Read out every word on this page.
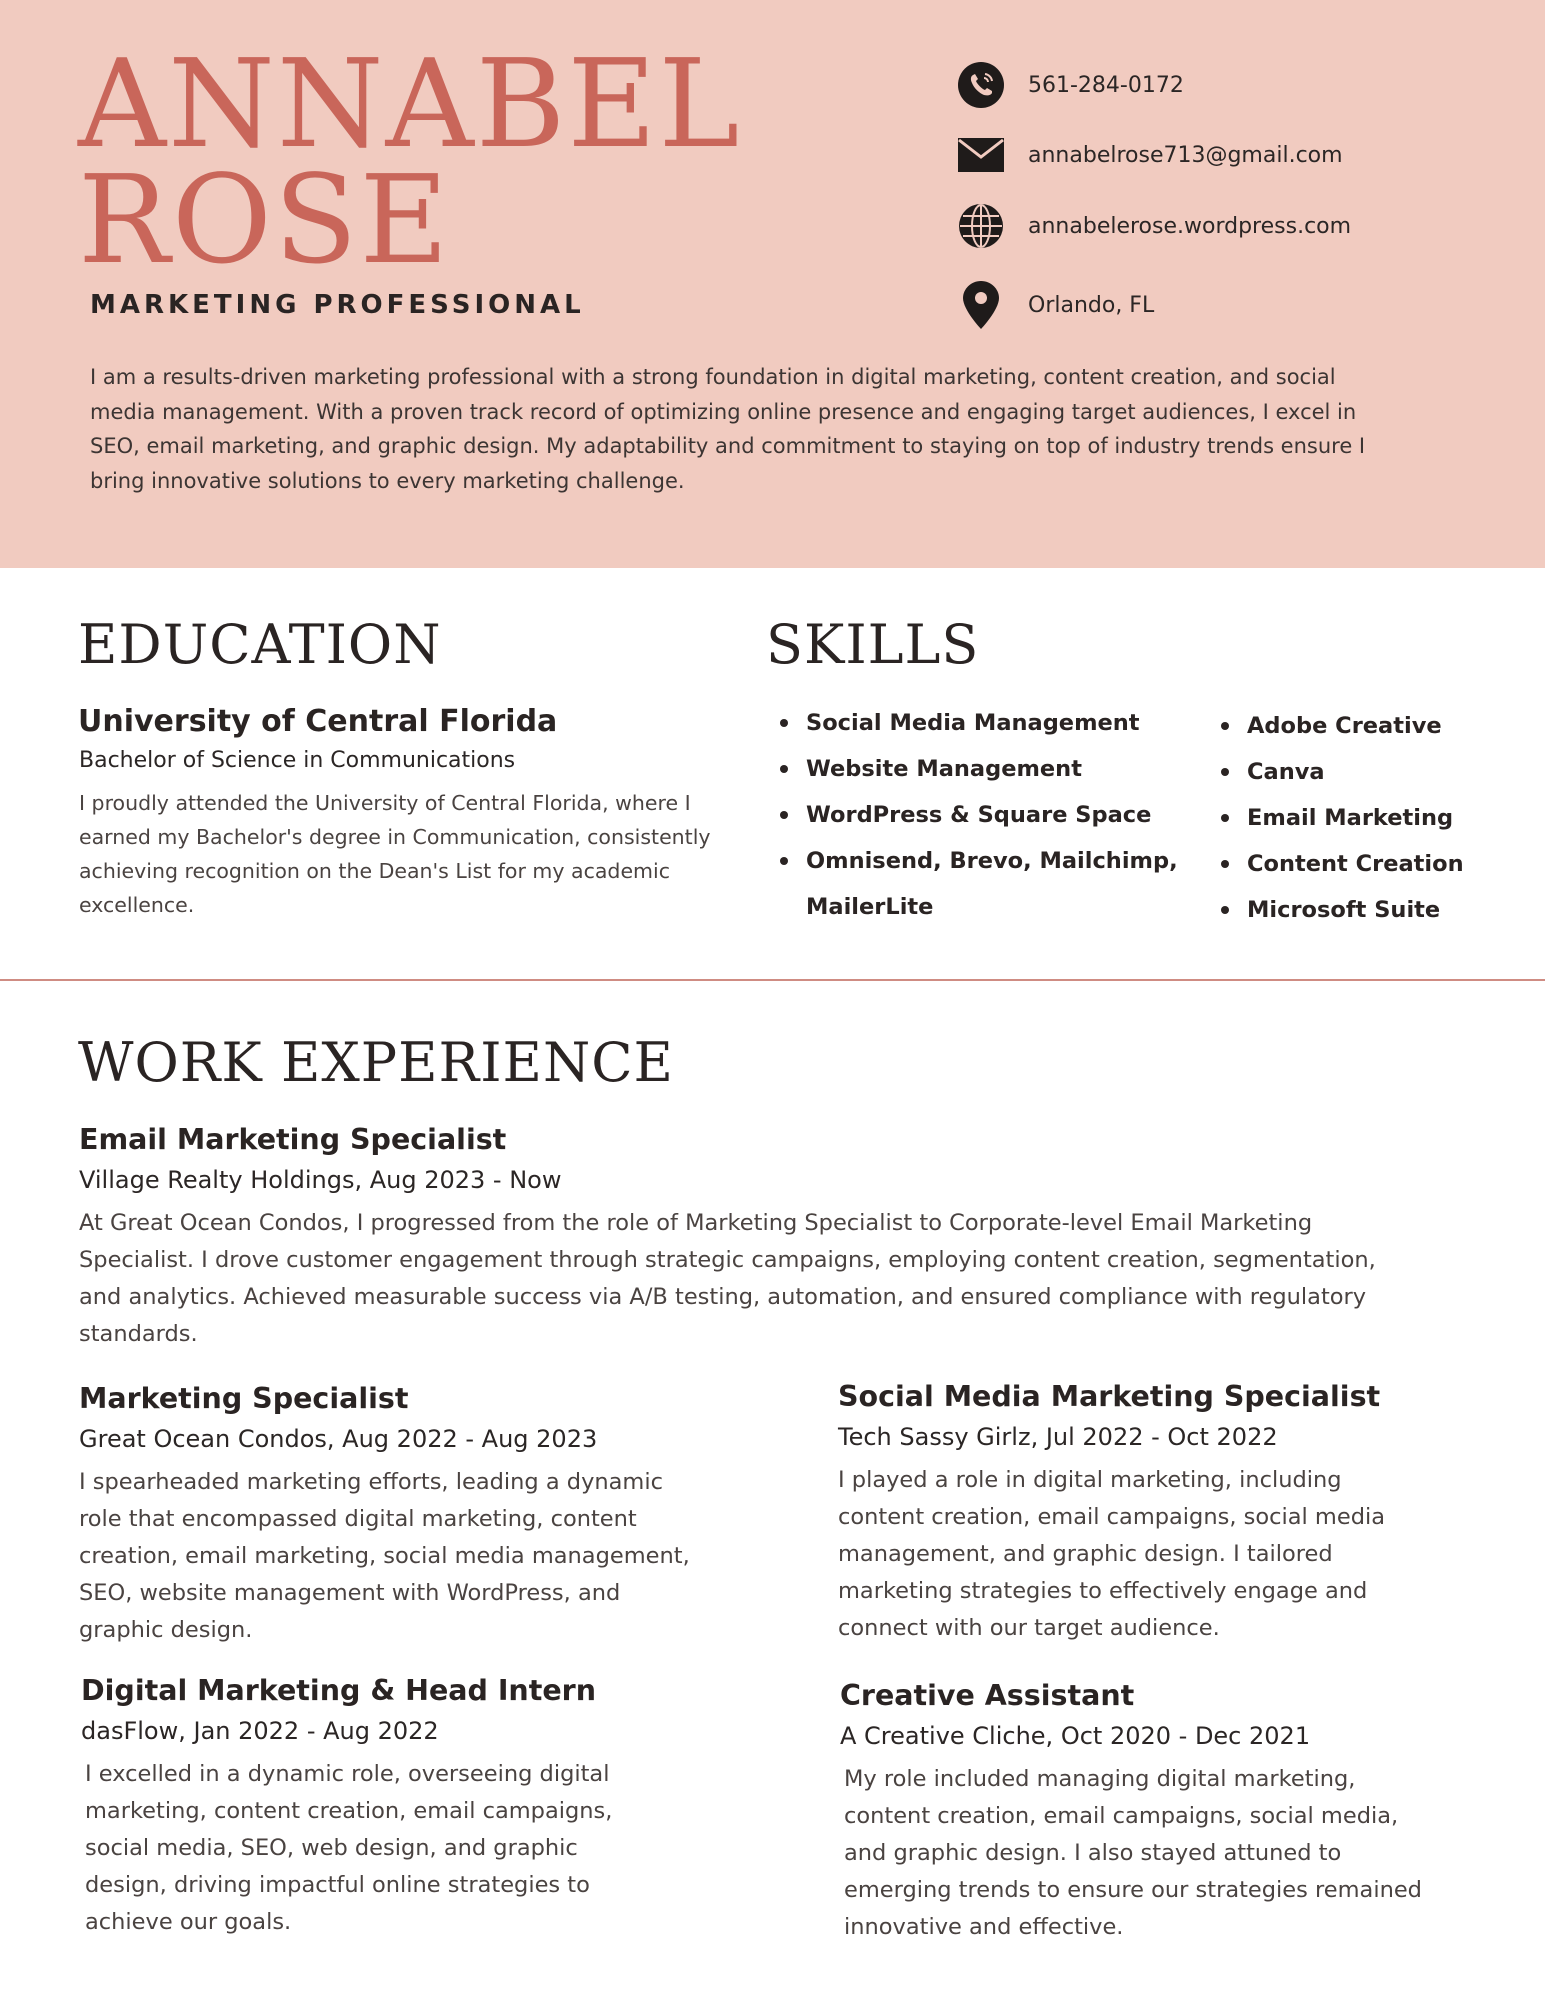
ANNABEL
ROSE
MARKETING PROFESSIONAL

I am a results-driven marketing professional with a strong foundation in digital marketing, content creation, and social media management. With a proven track record of optimizing online presence and engaging target audiences, I excel in SEO, email marketing, and graphic design. My adaptability and commitment to staying on top of industry trends ensure I bring innovative solutions to every marketing challenge.

561-284-0172
annabelrose713@gmail.com
annabelerose.wordpress.com
Orlando, FL
EDUCATION
University of Central Florida
Bachelor of Science in Communications

I proudly attended the University of Central Florida, where I earned my Bachelor's degree in Communication, consistently achieving recognition on the Dean's List for my academic excellence.

SKILLS
Social Media Management
Website Management
WordPress & Square Space
Omnisend, Brevo, Mailchimp, MailerLite
Adobe Creative
Canva
Email Marketing
Content Creation
Microsoft Suite
WORK EXPERIENCE
Email Marketing Specialist
Village Realty Holdings, Aug 2023 - Now

At Great Ocean Condos, I progressed from the role of Marketing Specialist to Corporate-level Email Marketing Specialist. I drove customer engagement through strategic campaigns, employing content creation, segmentation, and analytics. Achieved measurable success via A/B testing, automation, and ensured compliance with regulatory standards.

Marketing Specialist
Great Ocean Condos, Aug 2022 - Aug 2023

I spearheaded marketing efforts, leading a dynamic role that encompassed digital marketing, content creation, email marketing, social media management, SEO, website management with WordPress, and graphic design.

Social Media Marketing Specialist
Tech Sassy Girlz, Jul 2022 - Oct 2022

I played a role in digital marketing, including content creation, email campaigns, social media management, and graphic design. I tailored marketing strategies to effectively engage and connect with our target audience.

Digital Marketing & Head Intern
dasFlow, Jan 2022 - Aug 2022

I excelled in a dynamic role, overseeing digital marketing, content creation, email campaigns, social media, SEO, web design, and graphic design, driving impactful online strategies to achieve our goals.

Creative Assistant
A Creative Cliche, Oct 2020 - Dec 2021

My role included managing digital marketing, content creation, email campaigns, social media, and graphic design. I also stayed attuned to emerging trends to ensure our strategies remained innovative and effective.
